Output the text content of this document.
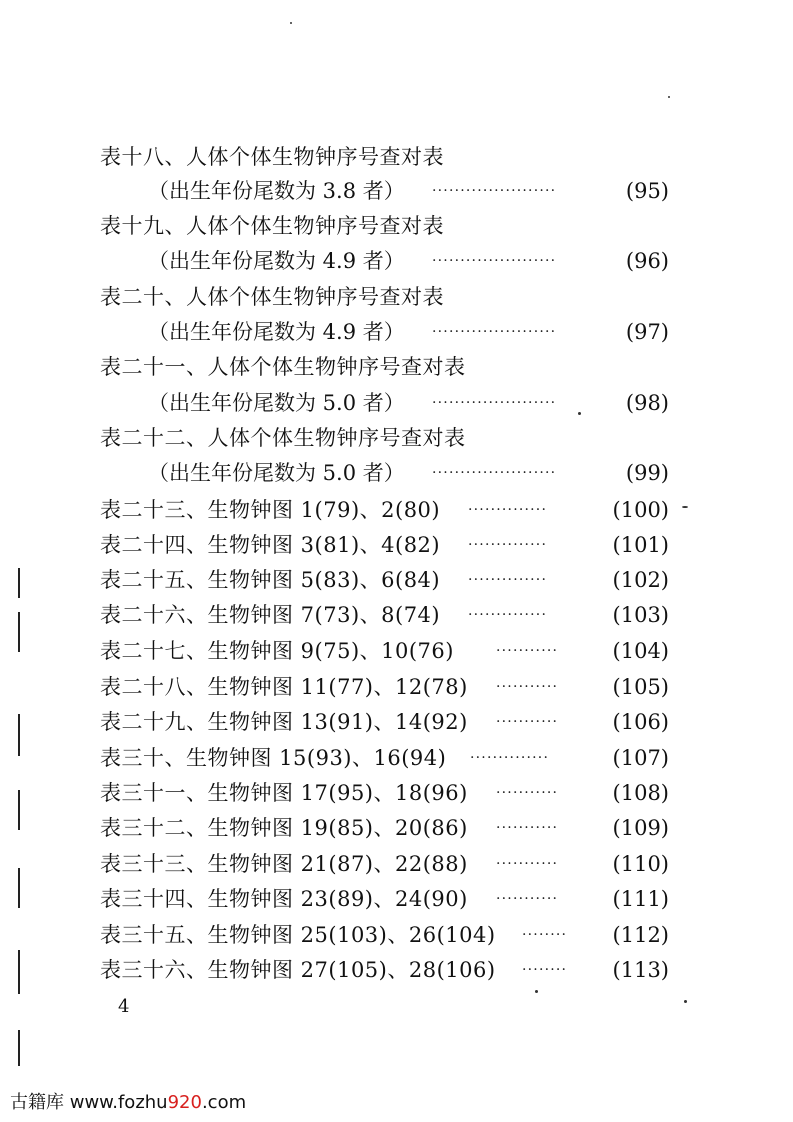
表十八、人体个体生物钟序号查对表
（出生年份尾数为 3.8 者） ······················	(95)
表十九、人体个体生物钟序号查对表
（出生年份尾数为 4.9 者） ······················	(96)
表二十、人体个体生物钟序号查对表
（出生年份尾数为 4.9 者） ······················	(97)
表二十一、人体个体生物钟序号查对表
（出生年份尾数为 5.0 者） ······················	(98)
表二十二、人体个体生物钟序号查对表
（出生年份尾数为 5.0 者） ······················	(99)
表二十三、生物钟图 1(79)、2(80) ··············	(100)
表二十四、生物钟图 3(81)、4(82) ··············	(101)
表二十五、生物钟图 5(83)、6(84) ··············	(102)
表二十六、生物钟图 7(73)、8(74) ··············	(103)
表二十七、生物钟图 9(75)、10(76)	···········	(104)
表二十八、生物钟图 11(77)、12(78) ···········	(105)
表二十九、生物钟图 13(91)、14(92) ···········	(106)
表三十、生物钟图 15(93)、16(94) ··············	(107)
表三十一、生物钟图 17(95)、18(96) ···········	(108)
表三十二、生物钟图 19(85)、20(86) ···········	(109)
表三十三、生物钟图 21(87)、22(88) ···········	(110)
表三十四、生物钟图 23(89)、24(90) ···········	(111)
表三十五、生物钟图 25(103)、26(104) ········	(112)
表三十六、生物钟图 27(105)、28(106) ········	(113)
4
古籍库 www.fozhu920.com
